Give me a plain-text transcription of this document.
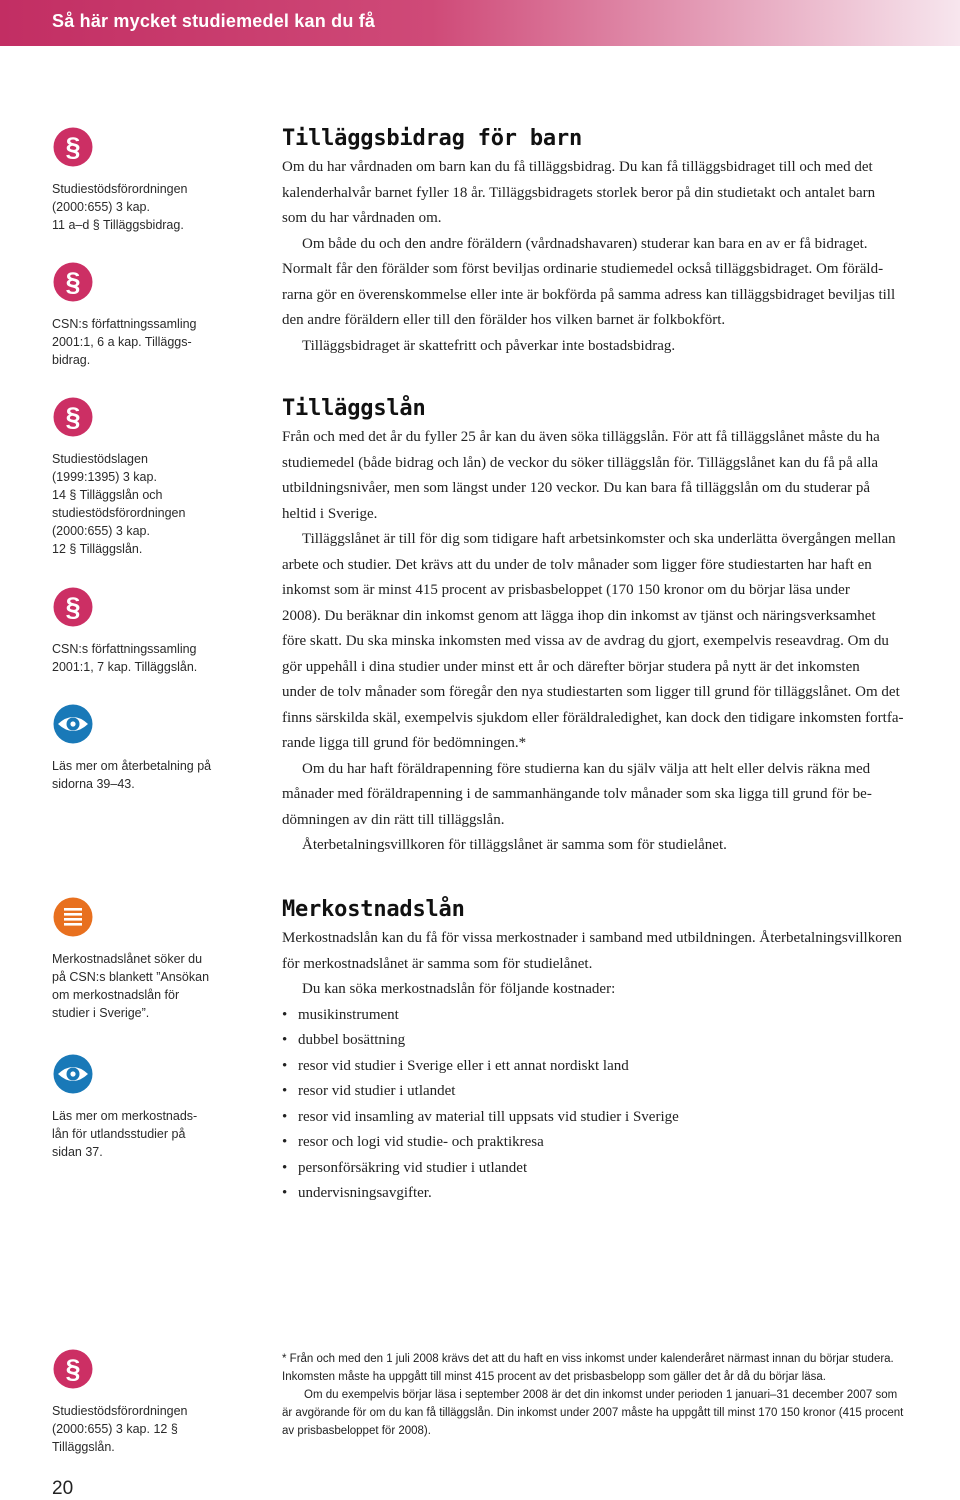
Så här mycket studiemedel kan du få
§
Studiestödsförordningen
(2000:655) 3 kap.
11 a–d § Tilläggsbidrag.
§
CSN:s författningssamling
2001:1, 6 a kap. Tilläggs-
bidrag.
§
Studiestödslagen
(1999:1395) 3 kap.
14 § Tilläggslån och
studiestödsförordningen
(2000:655) 3 kap.
12 § Tilläggslån.
§
CSN:s författningssamling
2001:1, 7 kap. Tilläggslån.
Läs mer om återbetalning på
sidorna 39–43.
Merkostnadslånet söker du
på CSN:s blankett ”Ansökan
om merkostnadslån för
studier i Sverige”.
Läs mer om merkostnads-
lån för utlandsstudier på
sidan 37.
§
Studiestödsförordningen
(2000:655) 3 kap. 12 §
Tilläggslån.
Tilläggsbidrag för barn
Om du har vårdnaden om barn kan du få tilläggsbidrag. Du kan få tilläggsbidraget till och med det
kalenderhalvår barnet fyller 18 år. Tilläggsbidragets storlek beror på din studietakt och antalet barn
som du har vårdnaden om.
Om både du och den andre föräldern (vårdnadshavaren) studerar kan bara en av er få bidraget.
Normalt får den förälder som först beviljas ordinarie studiemedel också tilläggsbidraget. Om föräld-
rarna gör en överenskommelse eller inte är bokförda på samma adress kan tilläggsbidraget beviljas till
den andre föräldern eller till den förälder hos vilken barnet är folkbokfört.
Tilläggsbidraget är skattefritt och påverkar inte bostadsbidrag.
Tilläggslån
Från och med det år du fyller 25 år kan du även söka tilläggslån. För att få tilläggslånet måste du ha
studiemedel (både bidrag och lån) de veckor du söker tilläggslån för. Tilläggslånet kan du få på alla
utbildningsnivåer, men som längst under 120 veckor. Du kan bara få tilläggslån om du studerar på
heltid i Sverige.
Tilläggslånet är till för dig som tidigare haft arbetsinkomster och ska underlätta övergången mellan
arbete och studier. Det krävs att du under de tolv månader som ligger före studiestarten har haft en
inkomst som är minst 415 procent av prisbasbeloppet (170 150 kronor om du börjar läsa under
2008). Du beräknar din inkomst genom att lägga ihop din inkomst av tjänst och näringsverksamhet
före skatt. Du ska minska inkomsten med vissa av de avdrag du gjort, exempelvis reseavdrag. Om du
gör uppehåll i dina studier under minst ett år och därefter börjar studera på nytt är det inkomsten
under de tolv månader som föregår den nya studiestarten som ligger till grund för tilläggslånet. Om det
finns särskilda skäl, exempelvis sjukdom eller föräldraledighet, kan dock den tidigare inkomsten fortfa-
rande ligga till grund för bedömningen.*
Om du har haft föräldrapenning före studierna kan du själv välja att helt eller delvis räkna med
månader med föräldrapenning i de sammanhängande tolv månader som ska ligga till grund för be-
dömningen av din rätt till tilläggslån.
Återbetalningsvillkoren för tilläggslånet är samma som för studielånet.
Merkostnadslån
Merkostnadslån kan du få för vissa merkostnader i samband med utbildningen. Återbetalningsvillkoren
för merkostnadslånet är samma som för studielånet.
Du kan söka merkostnadslån för följande kostnader:
• musikinstrument
• dubbel bosättning
• resor vid studier i Sverige eller i ett annat nordiskt land
• resor vid studier i utlandet
• resor vid insamling av material till uppsats vid studier i Sverige
• resor och logi vid studie- och praktikresa
• personförsäkring vid studier i utlandet
• undervisningsavgifter.
* Från och med den 1 juli 2008 krävs det att du haft en viss inkomst under kalenderåret närmast innan du börjar studera.
Inkomsten måste ha uppgått till minst 415 procent av det prisbasbelopp som gäller det år då du börjar läsa.
Om du exempelvis börjar läsa i september 2008 är det din inkomst under perioden 1 januari–31 december 2007 som
är avgörande för om du kan få tilläggslån. Din inkomst under 2007 måste ha uppgått till minst 170 150 kronor (415 procent
av prisbasbeloppet för 2008).
20
